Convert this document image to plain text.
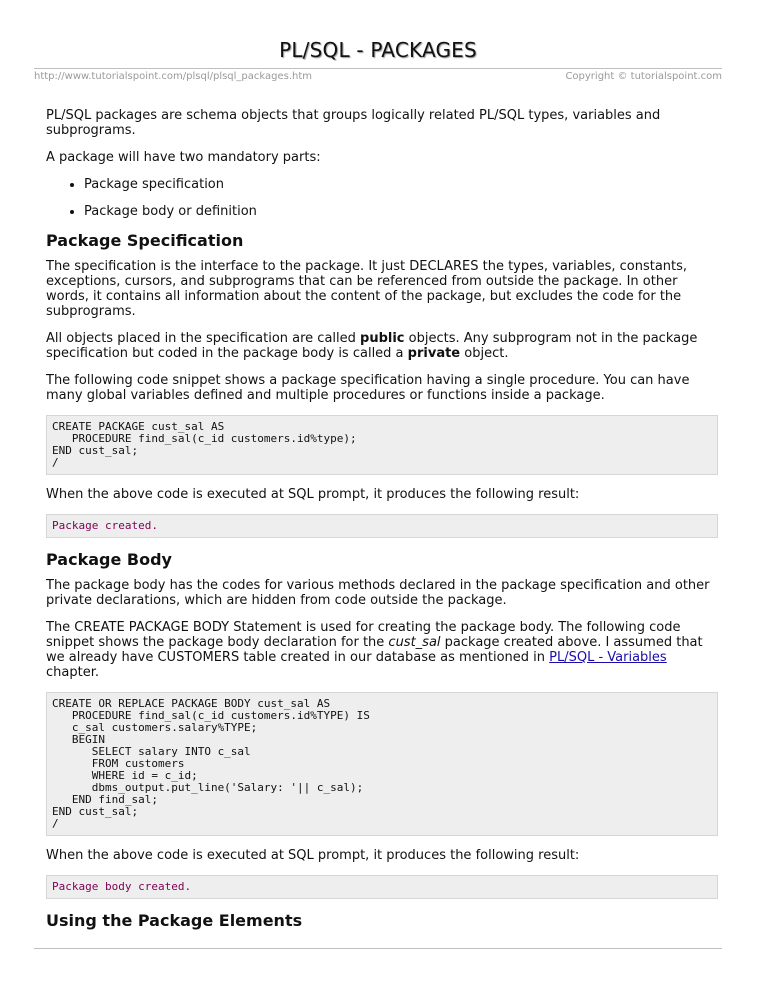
PL/SQL - PACKAGES
http://www.tutorialspoint.com/plsql/plsql_packages.htm	Copyright © tutorialspoint.com

PL/SQL packages are schema objects that groups logically related PL/SQL types, variables and subprograms.

A package will have two mandatory parts:

• Package specification
• Package body or definition
Package Specification

The specification is the interface to the package. It just DECLARES the types, variables, constants, exceptions, cursors, and subprograms that can be referenced from outside the package. In other words, it contains all information about the content of the package, but excludes the code for the subprograms.

All objects placed in the specification are called public objects. Any subprogram not in the package specification but coded in the package body is called a private object.

The following code snippet shows a package specification having a single procedure. You can have many global variables defined and multiple procedures or functions inside a package.

CREATE PACKAGE cust_sal AS
PROCEDURE find_sal(c_id customers.id%type);
END cust_sal;
/

When the above code is executed at SQL prompt, it produces the following result:

Package created.
Package Body

The package body has the codes for various methods declared in the package specification and other private declarations, which are hidden from code outside the package.

The CREATE PACKAGE BODY Statement is used for creating the package body. The following code snippet shows the package body declaration for the cust_sal package created above. I assumed that we already have CUSTOMERS table created in our database as mentioned in PL/SQL - Variables chapter.

CREATE OR REPLACE PACKAGE BODY cust_sal AS
PROCEDURE find_sal(c_id customers.id%TYPE) IS
c_sal customers.salary%TYPE;
BEGIN
SELECT salary INTO c_sal
FROM customers
WHERE id = c_id;
dbms_output.put_line('Salary: '|| c_sal);
END find_sal;
END cust_sal;
/

When the above code is executed at SQL prompt, it produces the following result:

Package body created.
Using the Package Elements
